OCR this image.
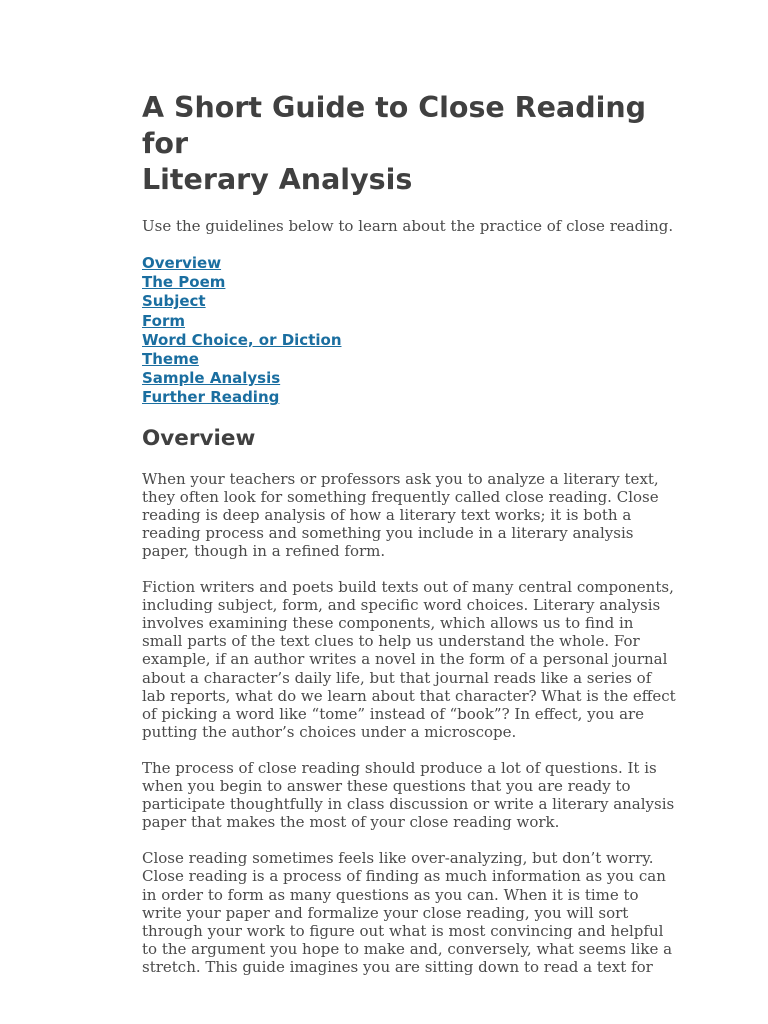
A Short Guide to Close Reading for
Literary Analysis

Use the guidelines below to learn about the practice of close reading.

Overview
The Poem
Subject
Form
Word Choice, or Diction
Theme
Sample Analysis
Further Reading
Overview

When your teachers or professors ask you to analyze a literary text,
they often look for something frequently called close reading. Close
reading is deep analysis of how a literary text works; it is both a
reading process and something you include in a literary analysis
paper, though in a refined form.

Fiction writers and poets build texts out of many central components,
including subject, form, and specific word choices. Literary analysis
involves examining these components, which allows us to find in
small parts of the text clues to help us understand the whole. For
example, if an author writes a novel in the form of a personal journal
about a character’s daily life, but that journal reads like a series of
lab reports, what do we learn about that character? What is the effect
of picking a word like “tome” instead of “book”? In effect, you are
putting the author’s choices under a microscope.

The process of close reading should produce a lot of questions. It is
when you begin to answer these questions that you are ready to
participate thoughtfully in class discussion or write a literary analysis
paper that makes the most of your close reading work.

Close reading sometimes feels like over-analyzing, but don’t worry.
Close reading is a process of finding as much information as you can
in order to form as many questions as you can. When it is time to
write your paper and formalize your close reading, you will sort
through your work to figure out what is most convincing and helpful
to the argument you hope to make and, conversely, what seems like a
stretch. This guide imagines you are sitting down to read a text for
